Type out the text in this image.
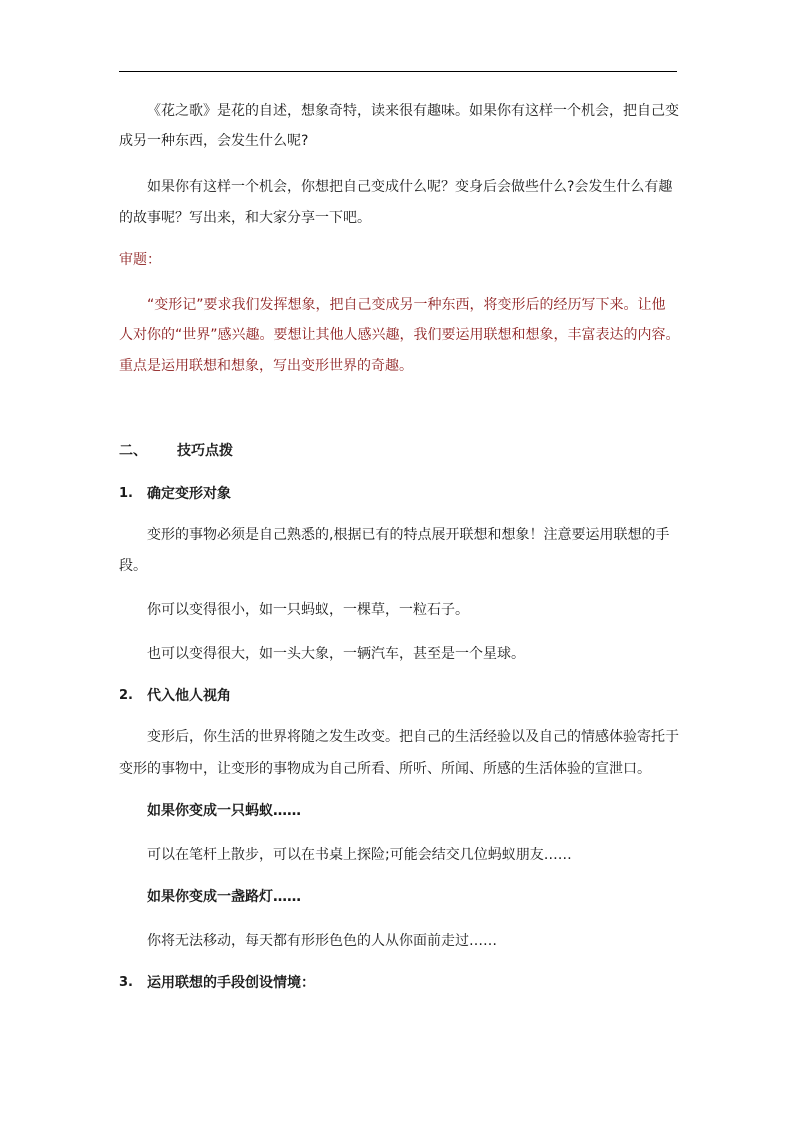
《花之歌》是花的自述，想象奇特，读来很有趣味。如果你有这样一个机会，把自己变
成另一种东西，会发生什么呢?
如果你有这样一个机会，你想把自己变成什么呢？变身后会做些什么?会发生什么有趣
的故事呢？写出来，和大家分享一下吧。
审题：
“变形记”要求我们发挥想象，把自己变成另一种东西，将变形后的经历写下来。让他
人对你的“世界”感兴趣。要想让其他人感兴趣，我们要运用联想和想象，丰富表达的内容。
重点是运用联想和想象，写出变形世界的奇趣。
二、 技巧点拨
1. 确定变形对象
变形的事物必须是自己熟悉的,根据已有的特点展开联想和想象！注意要运用联想的手
段。
你可以变得很小，如一只蚂蚁，一棵草，一粒石子。
也可以变得很大，如一头大象，一辆汽车，甚至是一个星球。
2. 代入他人视角
变形后，你生活的世界将随之发生改变。把自己的生活经验以及自己的情感体验寄托于
变形的事物中，让变形的事物成为自己所看、所听、所闻、所感的生活体验的宣泄口。
如果你变成一只蚂蚁……
可以在笔杆上散步，可以在书桌上探险;可能会结交几位蚂蚁朋友……
如果你变成一盏路灯……
你将无法移动，每天都有形形色色的人从你面前走过……
3. 运用联想的手段创设情境：
